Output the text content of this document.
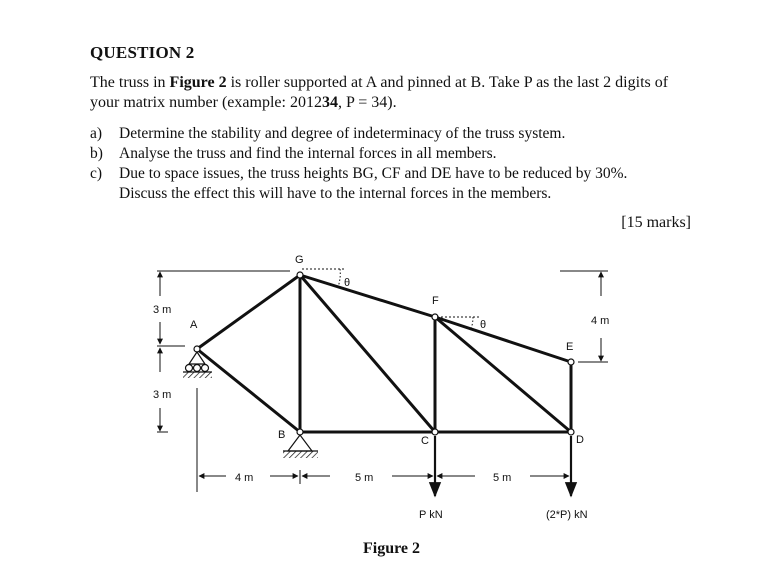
QUESTION 2
The truss in Figure 2 is roller supported at A and pinned at B. Take P as the last 2 digits of
your matrix number (example: 201234, P = 34).
a) Determine the stability and degree of indeterminacy of the truss system.
b) Analyse the truss and find the internal forces in all members.
c) Due to space issues, the truss heights BG, CF and DE have to be reduced by 30%.
Discuss the effect this will have to the internal forces in the members.
[15 marks]
G
F
E
D
C
B
A
θ
θ
3 m
3 m
4 m
4 m	5 m	5 m
P kN	(2*P) kN
Figure 2
